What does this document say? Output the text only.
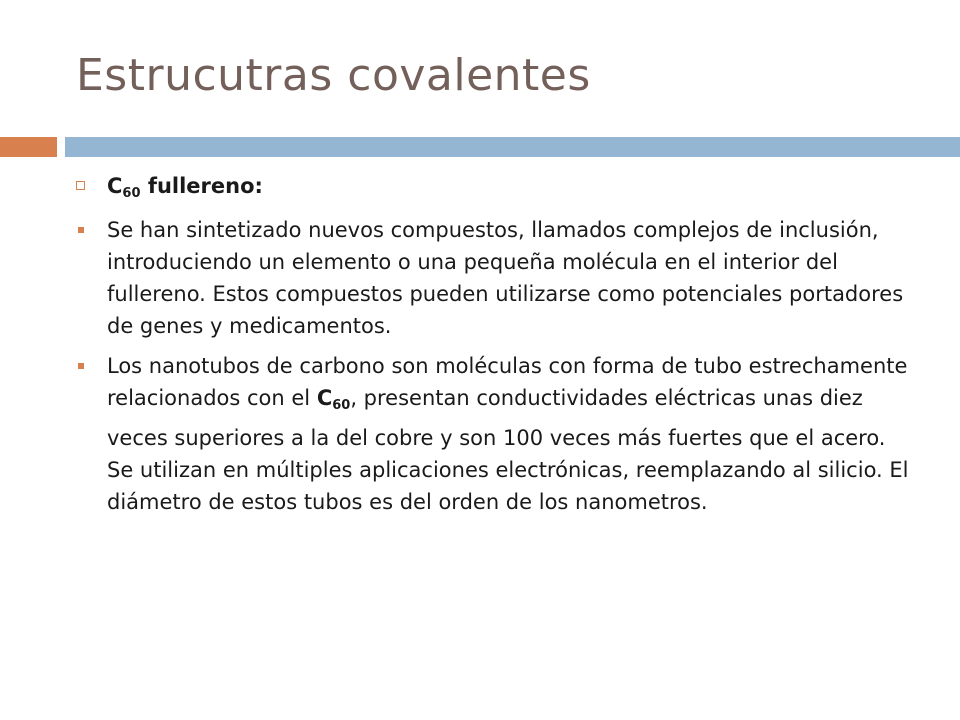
Estrucutras covalentes
$C_{60}$ fullereno:
Se han sintetizado nuevos compuestos, llamados complejos de inclusión, introduciendo un elemento o una pequeña molécula en el interior del fullereno. Estos compuestos pueden utilizarse como potenciales portadores de genes y medicamentos.
Los nanotubos de carbono son moléculas con forma de tubo estrechamente relacionados con el $C_{60}$, presentan conductividades eléctricas unas diez veces superiores a la del cobre y son 100 veces más fuertes que el acero. Se utilizan en múltiples aplicaciones electrónicas, reemplazando al silicio. El diámetro de estos tubos es del orden de los nanometros.
